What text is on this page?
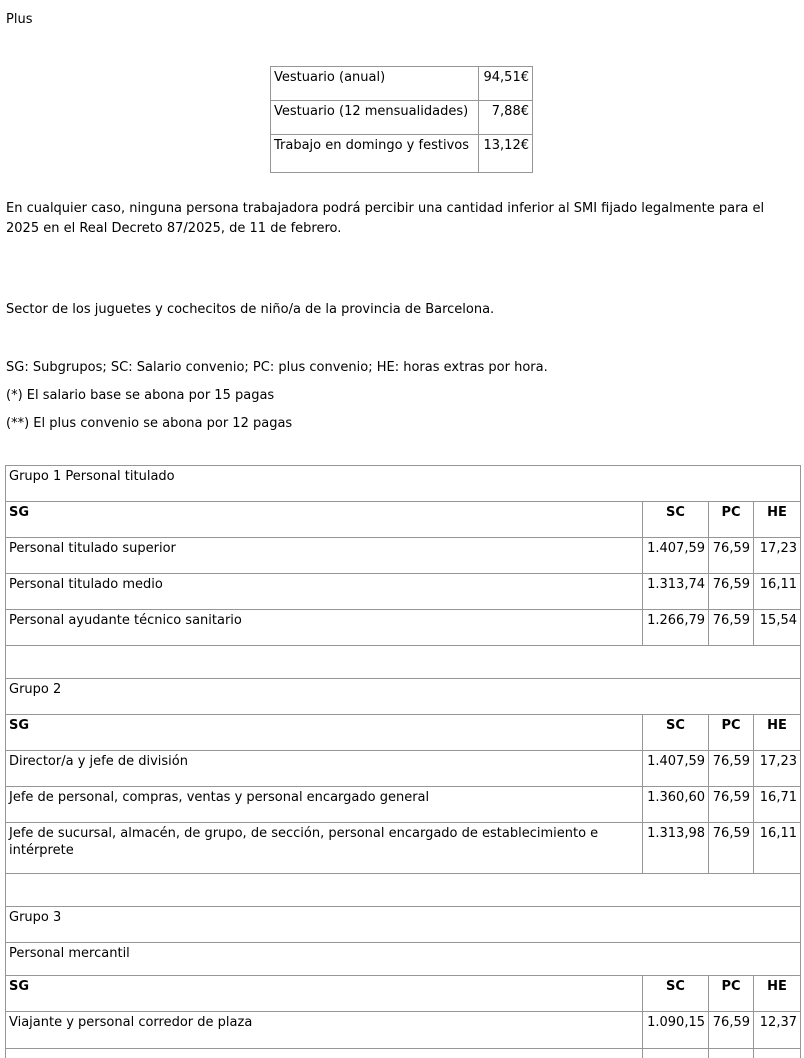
Plus
Vestuario (anual)	94,51€
Vestuario (12 mensualidades)	7,88€
Trabajo en domingo y festivos	13,12€

En cualquier caso, ninguna persona trabajadora podrá percibir una cantidad inferior al SMI fijado legalmente para el 2025 en el Real Decreto 87/2025, de 11 de febrero.

Sector de los juguetes y cochecitos de niño/a de la provincia de Barcelona.

SG: Subgrupos; SC: Salario convenio; PC: plus convenio; HE: horas extras por hora.

(*) El salario base se abona por 15 pagas

(**) El plus convenio se abona por 12 pagas

Grupo 1 Personal titulado			
SG	SC	PC	HE
Personal titulado superior	1.407,59	76,59	17,23
Personal titulado medio	1.313,74	76,59	16,11
Personal ayudante técnico sanitario	1.266,79	76,59	15,54

Grupo 2			
SG	SC	PC	HE
Director/a y jefe de división	1.407,59	76,59	17,23
Jefe de personal, compras, ventas y personal encargado general	1.360,60	76,59	16,71
Jefe de sucursal, almacén, de grupo, de sección, personal encargado de establecimiento e intérprete	1.313,98	76,59	16,11

Grupo 3			
Personal mercantil			
SG	SC	PC	HE
Viajante y personal corredor de plaza	1.090,15	76,59	12,37
